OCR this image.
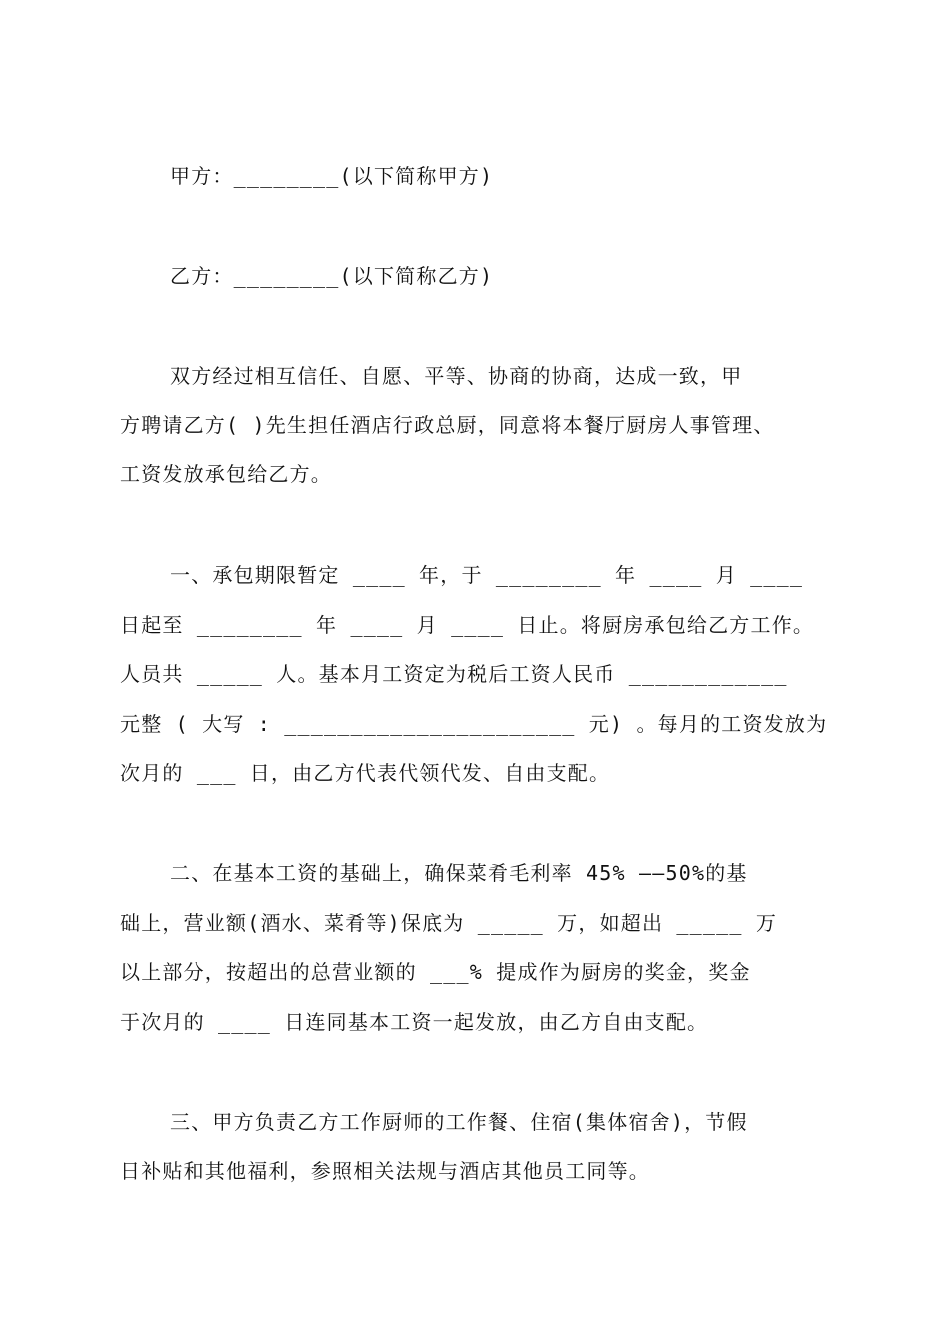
甲方：________(以下简称甲方)
乙方：________(以下简称乙方)
双方经过相互信任、自愿、平等、协商的协商，达成一致，甲
方聘请乙方( )先生担任酒店行政总厨，同意将本餐厅厨房人事管理、
工资发放承包给乙方。
一、承包期限暂定 ____ 年，于 ________ 年 ____ 月 ____
日起至 ________ 年 ____ 月 ____ 日止。将厨房承包给乙方工作。
人员共 _____ 人。基本月工资定为税后工资人民币 ____________
元整 ( 大写 : ______________________ 元) 。每月的工资发放为
次月的 ___ 日，由乙方代表代领代发、自由支配。
二、在基本工资的基础上，确保菜肴毛利率 45% ——50%的基
础上，营业额(酒水、菜肴等)保底为 _____ 万，如超出 _____ 万
以上部分，按超出的总营业额的 ___% 提成作为厨房的奖金，奖金
于次月的 ____ 日连同基本工资一起发放，由乙方自由支配。
三、甲方负责乙方工作厨师的工作餐、住宿(集体宿舍)，节假
日补贴和其他福利，参照相关法规与酒店其他员工同等。
